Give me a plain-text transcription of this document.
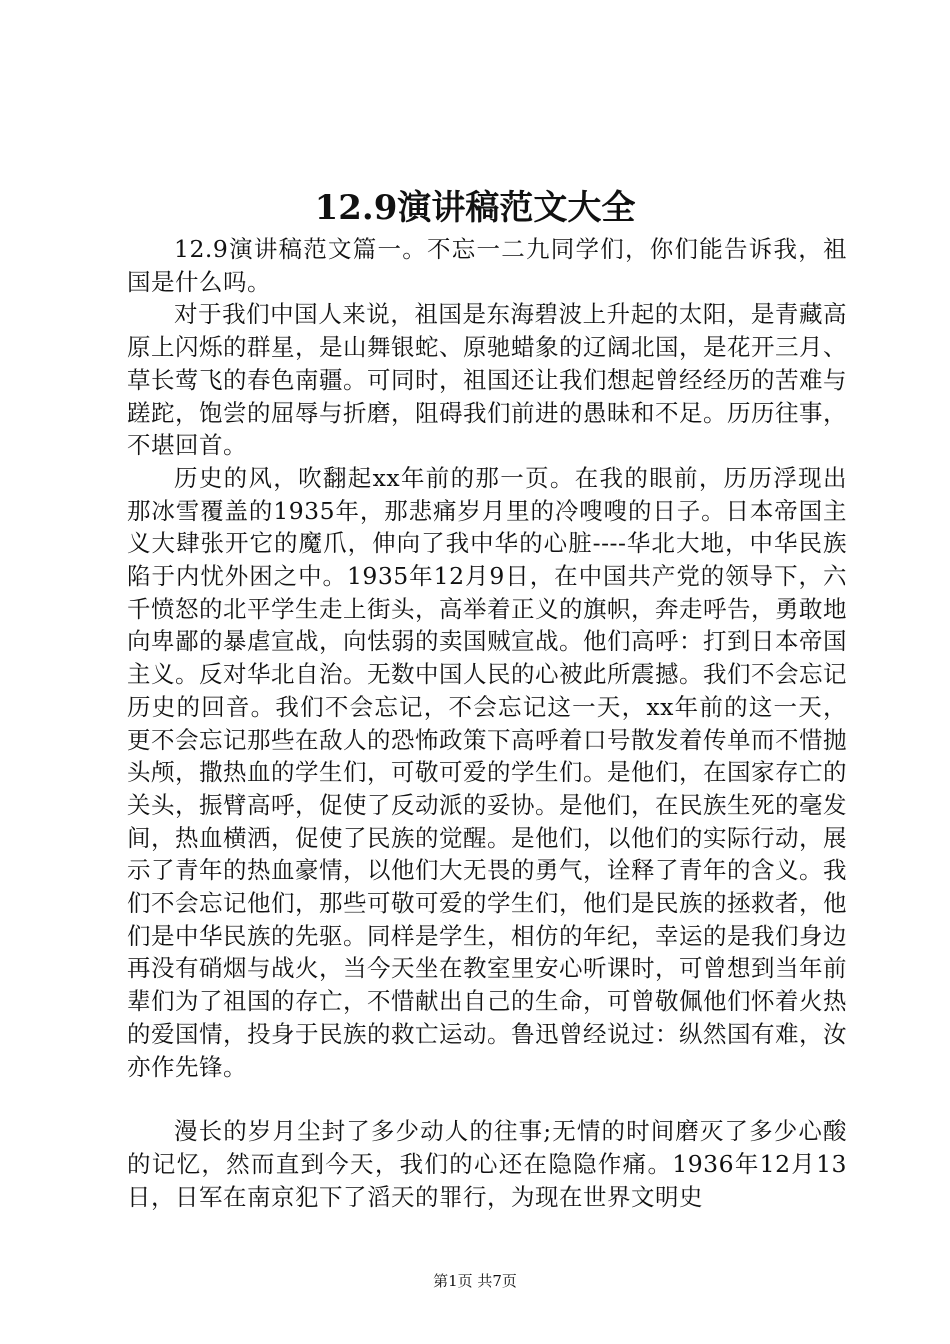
12.9演讲稿范文大全

12.9演讲稿范文篇一。不忘一二九同学们，你们能告诉我，祖国是什么吗。

对于我们中国人来说，祖国是东海碧波上升起的太阳，是青藏高原上闪烁的群星，是山舞银蛇、原驰蜡象的辽阔北国，是花开三月、草长莺飞的春色南疆。可同时，祖国还让我们想起曾经经历的苦难与蹉跎，饱尝的屈辱与折磨，阻碍我们前进的愚昧和不足。历历往事，不堪回首。

历史的风，吹翻起xx年前的那一页。在我的眼前，历历浮现出那冰雪覆盖的1935年，那悲痛岁月里的冷嗖嗖的日子。日本帝国主义大肆张开它的魔爪，伸向了我中华的心脏----华北大地，中华民族陷于内忧外困之中。1935年12月9日，在中国共产党的领导下，六千愤怒的北平学生走上街头，高举着正义的旗帜，奔走呼告，勇敢地向卑鄙的暴虐宣战，向怯弱的卖国贼宣战。他们高呼：打到日本帝国主义。反对华北自治。无数中国人民的心被此所震撼。我们不会忘记历史的回音。我们不会忘记，不会忘记这一天，xx年前的这一天，更不会忘记那些在敌人的恐怖政策下高呼着口号散发着传单而不惜抛头颅，撒热血的学生们，可敬可爱的学生们。是他们，在国家存亡的关头，振臂高呼，促使了反动派的妥协。是他们，在民族生死的毫发间，热血横洒，促使了民族的觉醒。是他们，以他们的实际行动，展示了青年的热血豪情，以他们大无畏的勇气，诠释了青年的含义。我们不会忘记他们，那些可敬可爱的学生们，他们是民族的拯救者，他们是中华民族的先驱。同样是学生，相仿的年纪，幸运的是我们身边再没有硝烟与战火，当今天坐在教室里安心听课时，可曾想到当年前辈们为了祖国的存亡，不惜献出自己的生命，可曾敬佩他们怀着火热的爱国情，投身于民族的救亡运动。鲁迅曾经说过：纵然国有难，汝亦作先锋。

漫长的岁月尘封了多少动人的往事;无情的时间磨灭了多少心酸的记忆，然而直到今天，我们的心还在隐隐作痛。1936年12月13日，日军在南京犯下了滔天的罪行，为现在世界文明史

第1页 共7页
